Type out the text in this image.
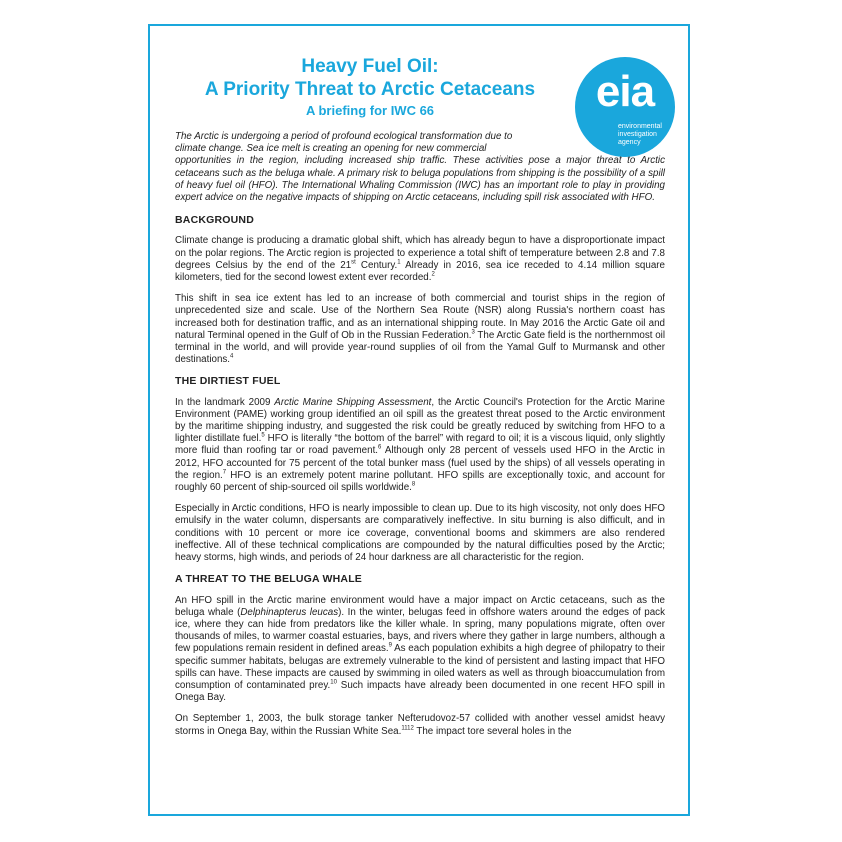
Heavy Fuel Oil:
A Priority Threat to Arctic Cetaceans
A briefing for IWC 66	eia
environmental
investigation
agency
The Arctic is undergoing a period of profound ecological transformation due to
climate change. Sea ice melt is creating an opening for new commercial
opportunities in the region, including increased ship traffic. These activities pose a major threat to Arctic cetaceans such as the beluga whale. A primary risk to beluga populations from shipping is the possibility of a spill of heavy fuel oil (HFO). The International Whaling Commission (IWC) has an important role to play in providing expert advice on the negative impacts of shipping on Arctic cetaceans, including spill risk associated with HFO.
BACKGROUND

Climate change is producing a dramatic global shift, which has already begun to have a disproportionate impact on the polar regions. The Arctic region is projected to experience a total shift of temperature between 2.8 and 7.8 degrees Celsius by the end of the 21st Century.$^1$ Already in 2016, sea ice receded to 4.14 million square kilometers, tied for the second lowest extent ever recorded.$^2$

This shift in sea ice extent has led to an increase of both commercial and tourist ships in the region of unprecedented size and scale. Use of the Northern Sea Route (NSR) along Russia's northern coast has increased both for destination traffic, and as an international shipping route. In May 2016 the Arctic Gate oil and natural Terminal opened in the Gulf of Ob in the Russian Federation.$^3$ The Arctic Gate field is the northernmost oil terminal in the world, and will provide year-round supplies of oil from the Yamal Gulf to Murmansk and other destinations.$^4$

THE DIRTIEST FUEL

In the landmark 2009 Arctic Marine Shipping Assessment, the Arctic Council's Protection for the Arctic Marine Environment (PAME) working group identified an oil spill as the greatest threat posed to the Arctic environment by the maritime shipping industry, and suggested the risk could be greatly reduced by switching from HFO to a lighter distillate fuel.$^5$ HFO is literally “the bottom of the barrel” with regard to oil; it is a viscous liquid, only slightly more fluid than roofing tar or road pavement.$^6$ Although only 28 percent of vessels used HFO in the Arctic in 2012, HFO accounted for 75 percent of the total bunker mass (fuel used by the ships) of all vessels operating in the region.$^7$ HFO is an extremely potent marine pollutant. HFO spills are exceptionally toxic, and account for roughly 60 percent of ship-sourced oil spills worldwide.$^8$

Especially in Arctic conditions, HFO is nearly impossible to clean up. Due to its high viscosity, not only does HFO emulsify in the water column, dispersants are comparatively ineffective. In situ burning is also difficult, and in conditions with 10 percent or more ice coverage, conventional booms and skimmers are also rendered ineffective. All of these technical complications are compounded by the natural difficulties posed by the Arctic; heavy storms, high winds, and periods of 24 hour darkness are all characteristic for the region.

A THREAT TO THE BELUGA WHALE

An HFO spill in the Arctic marine environment would have a major impact on Arctic cetaceans, such as the beluga whale (Delphinapterus leucas). In the winter, belugas feed in offshore waters around the edges of pack ice, where they can hide from predators like the killer whale. In spring, many populations migrate, often over thousands of miles, to warmer coastal estuaries, bays, and rivers where they gather in large numbers, although a few populations remain resident in defined areas.$^9$ As each population exhibits a high degree of philopatry to their specific summer habitats, belugas are extremely vulnerable to the kind of persistent and lasting impact that HFO spills can have. These impacts are caused by swimming in oiled waters as well as through bioaccumulation from consumption of contaminated prey.$^{10}$ Such impacts have already been documented in one recent HFO spill in Onega Bay.

On September 1, 2003, the bulk storage tanker Nefterudovoz-57 collided with another vessel amidst heavy storms in Onega Bay, within the Russian White Sea.$^{1112}$ The impact tore several holes in the
